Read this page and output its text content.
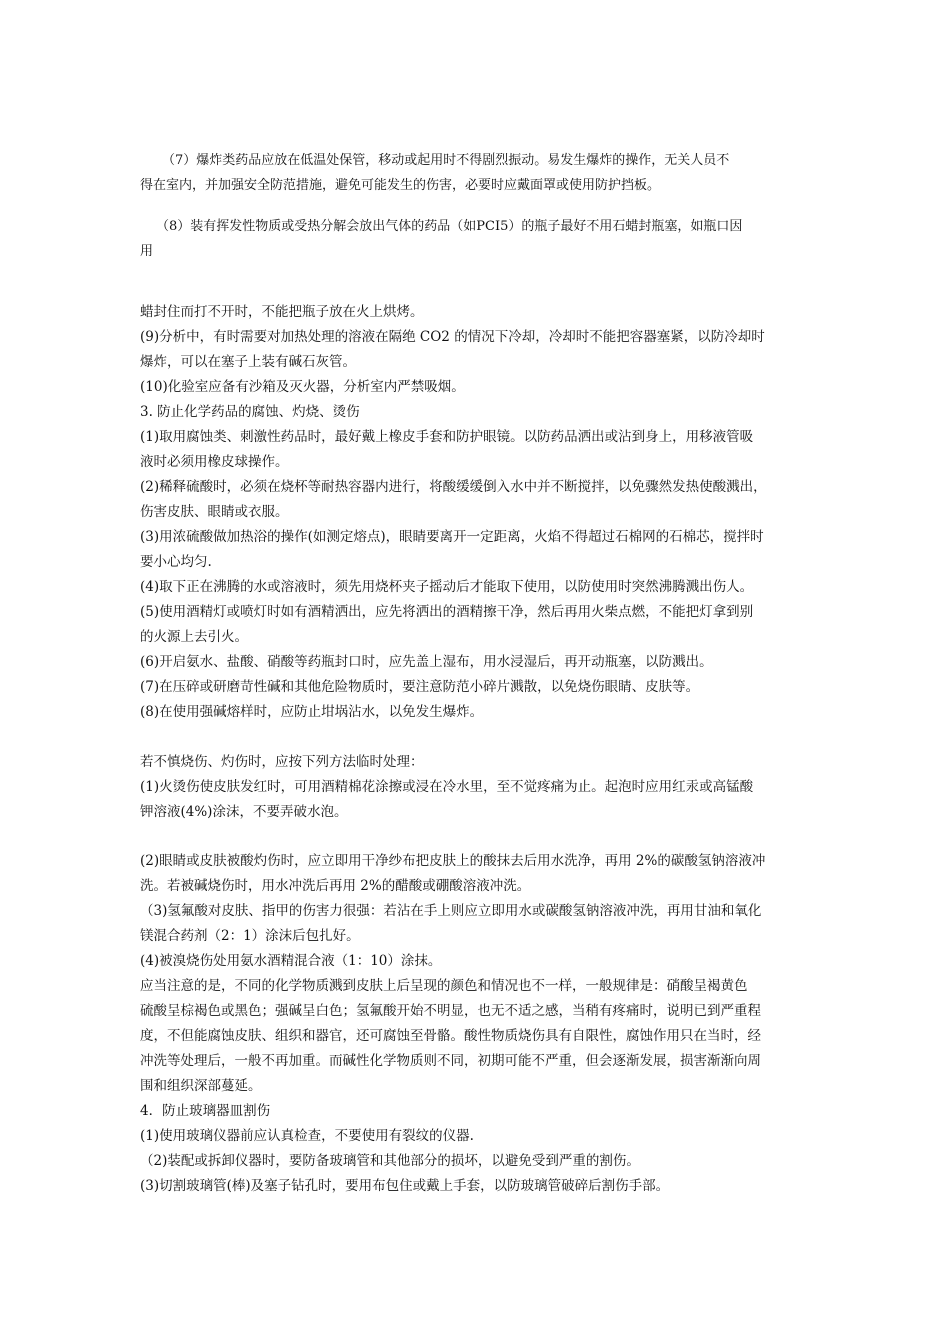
（7）爆炸类药品应放在低温处保管，移动或起用时不得剧烈振动。易发生爆炸的操作，无关人员不
得在室内，并加强安全防范措施，避免可能发生的伤害，必要时应戴面罩或使用防护挡板。
（8）装有挥发性物质或受热分解会放出气体的药品（如PCI5）的瓶子最好不用石蜡封瓶塞，如瓶口因
用
蜡封住而打不开时，不能把瓶子放在火上烘烤。
(9)分析中，有时需要对加热处理的溶液在隔绝 CO2 的情况下冷却，冷却时不能把容器塞紧，以防冷却时
爆炸，可以在塞子上装有碱石灰管。
(10)化验室应备有沙箱及灭火器，分析室内严禁吸烟。
3. 防止化学药品的腐蚀、灼烧、烫伤
(1)取用腐蚀类、刺激性药品时，最好戴上橡皮手套和防护眼镜。以防药品洒出或沾到身上，用移液管吸
液时必须用橡皮球操作。
(2)稀释硫酸时，必须在烧杯等耐热容器内进行，将酸缓缓倒入水中并不断搅拌，以免骤然发热使酸溅出，
伤害皮肤、眼睛或衣服。
(3)用浓硫酸做加热浴的操作(如测定熔点)，眼睛要离开一定距离，火焰不得超过石棉网的石棉芯，搅拌时
要小心均匀.
(4)取下正在沸腾的水或溶液时，须先用烧杯夹子摇动后才能取下使用，以防使用时突然沸腾溅出伤人。
(5)使用酒精灯或喷灯时如有酒精洒出，应先将洒出的酒精擦干净，然后再用火柴点燃，不能把灯拿到别
的火源上去引火。
(6)开启氨水、盐酸、硝酸等药瓶封口时，应先盖上湿布，用水浸湿后，再开动瓶塞，以防溅出。
(7)在压碎或研磨苛性碱和其他危险物质时，要注意防范小碎片溅散，以免烧伤眼睛、皮肤等。
(8)在使用强碱熔样时，应防止坩埚沾水，以免发生爆炸。
若不慎烧伤、灼伤时，应按下列方法临时处理：
(1)火烫伤使皮肤发红时，可用酒精棉花涂擦或浸在冷水里，至不觉疼痛为止。起泡时应用红汞或高锰酸
钾溶液(4%)涂沫，不要弄破水泡。
(2)眼睛或皮肤被酸灼伤时，应立即用干净纱布把皮肤上的酸抹去后用水洗净，再用 2%的碳酸氢钠溶液冲
洗。若被碱烧伤时，用水冲洗后再用 2%的醋酸或硼酸溶液冲洗。
（3)氢氟酸对皮肤、指甲的伤害力很强：若沾在手上则应立即用水或碳酸氢钠溶液冲洗，再用甘油和氧化
镁混合药剂（2：1）涂沫后包扎好。
(4)被溴烧伤处用氨水酒精混合液（1：10）涂抹。
应当注意的是，不同的化学物质溅到皮肤上后呈现的颜色和情况也不一样，一般规律是：硝酸呈褐黄色
硫酸呈棕褐色或黑色；强碱呈白色；氢氟酸开始不明显，也无不适之感，当稍有疼痛时，说明已到严重程
度，不但能腐蚀皮肤、组织和器官，还可腐蚀至骨骼。酸性物质烧伤具有自限性，腐蚀作用只在当时，经
冲洗等处理后，一般不再加重。而碱性化学物质则不同，初期可能不严重，但会逐渐发展，损害渐渐向周
围和组织深部蔓延。
4．防止玻璃器皿割伤
(1)使用玻璃仪器前应认真检查，不要使用有裂纹的仪器.
（2)装配或拆卸仪器时，要防备玻璃管和其他部分的损坏，以避免受到严重的割伤。
(3)切割玻璃管(棒)及塞子钻孔时，要用布包住或戴上手套，以防玻璃管破碎后割伤手部。
